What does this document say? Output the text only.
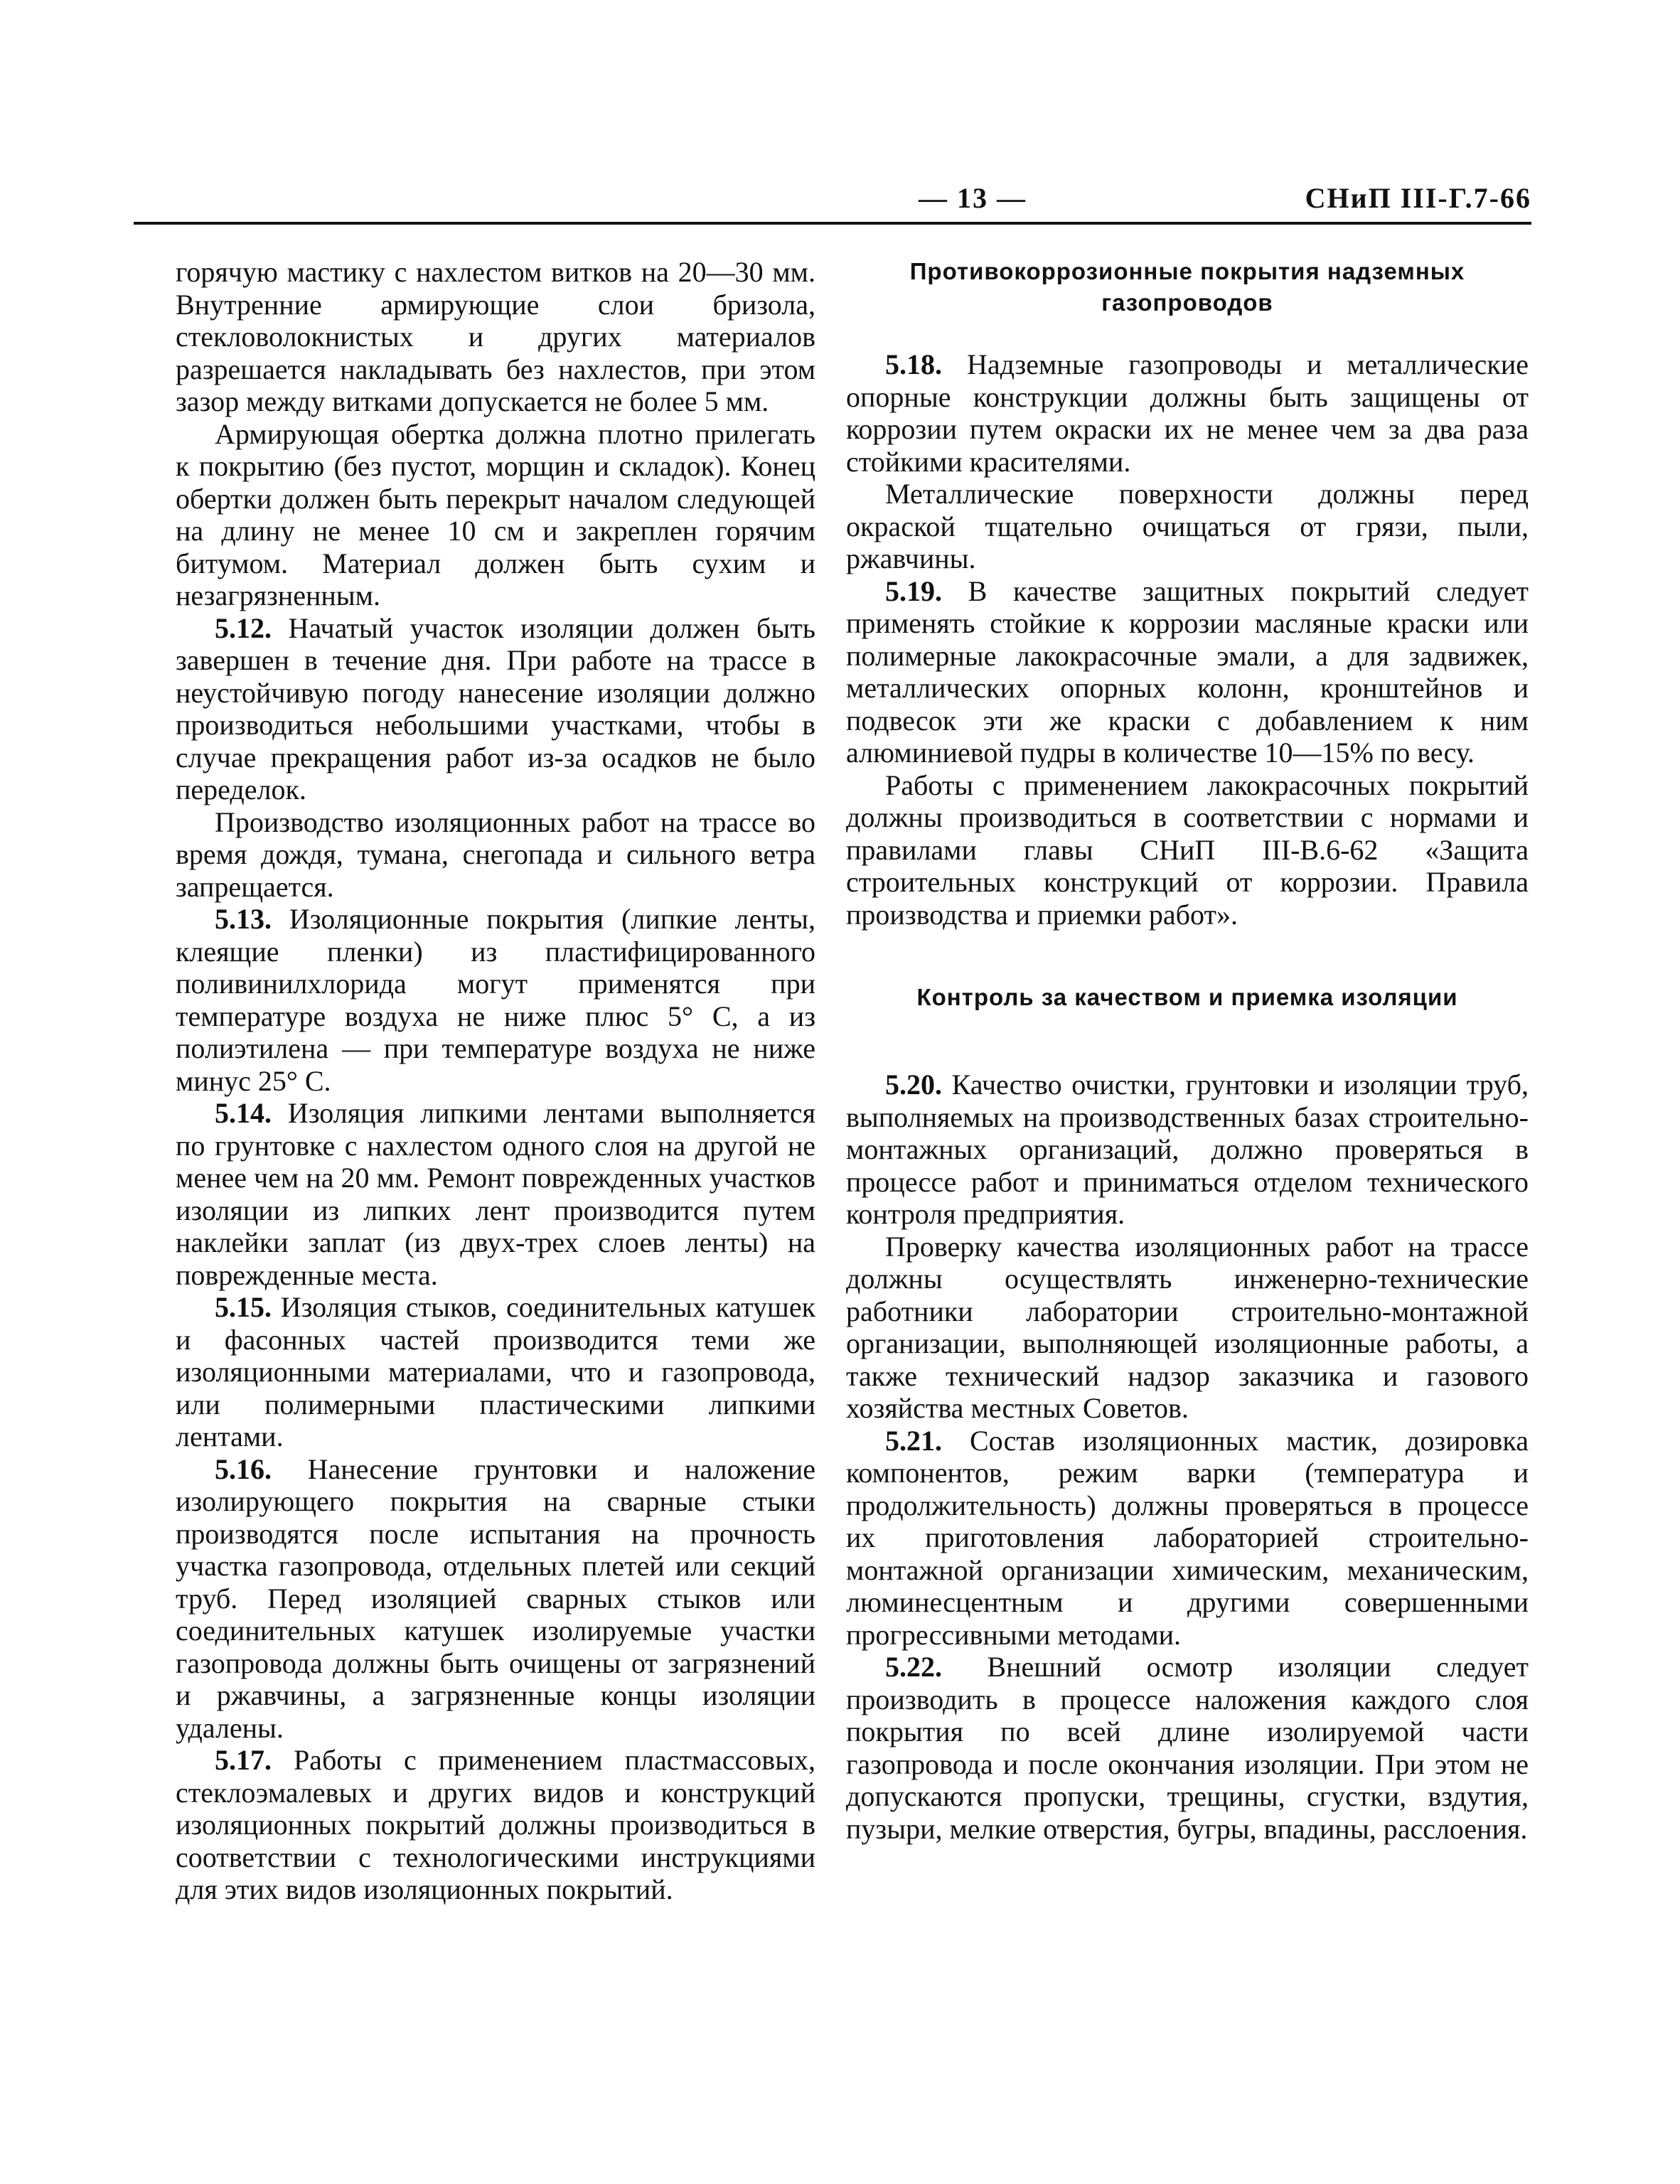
— 13 —	СНиП III-Г.7-66

горячую мастику с нахлестом витков на 20—30 мм. Внутренние армирующие слои бризола, стекловолокнистых и других материалов разрешается накладывать без нахлестов, при этом зазор между витками допускается не более 5 мм.

Армирующая обертка должна плотно прилегать к покрытию (без пустот, морщин и складок). Конец обертки должен быть перекрыт началом следующей на длину не менее 10 см и закреплен горячим битумом. Материал должен быть сухим и незагрязненным.

5.12. Начатый участок изоляции должен быть завершен в течение дня. При работе на трассе в неустойчивую погоду нанесение изоляции должно производиться небольшими участками, чтобы в случае прекращения работ из-за осадков не было переделок.

Производство изоляционных работ на трассе во время дождя, тумана, снегопада и сильного ветра запрещается.

5.13. Изоляционные покрытия (липкие ленты, клеящие пленки) из пластифицированного поливинилхлорида могут применятся при температуре воздуха не ниже плюс 5° С, а из полиэтилена — при температуре воздуха не ниже минус 25° С.

5.14. Изоляция липкими лентами выполняется по грунтовке с нахлестом одного слоя на другой не менее чем на 20 мм. Ремонт поврежденных участков изоляции из липких лент производится путем наклейки заплат (из двух-трех слоев ленты) на поврежденные места.

5.15. Изоляция стыков, соединительных катушек и фасонных частей производится теми же изоляционными материалами, что и газопровода, или полимерными пластическими липкими лентами.

5.16. Нанесение грунтовки и наложение изолирующего покрытия на сварные стыки производятся после испытания на прочность участка газопровода, отдельных плетей или секций труб. Перед изоляцией сварных стыков или соединительных катушек изолируемые участки газопровода должны быть очищены от загрязнений и ржавчины, а загрязненные концы изоляции удалены.

5.17. Работы с применением пластмассовых, стеклоэмалевых и других видов и конструкций изоляционных покрытий должны производиться в соответствии с технологическими инструкциями для этих видов изоляционных покрытий.

Противокоррозионные покрытия надземных газопроводов

5.18. Надземные газопроводы и металлические опорные конструкции должны быть защищены от коррозии путем окраски их не менее чем за два раза стойкими красителями.

Металлические поверхности должны перед окраской тщательно очищаться от грязи, пыли, ржавчины.

5.19. В качестве защитных покрытий следует применять стойкие к коррозии масляные краски или полимерные лакокрасочные эмали, а для задвижек, металлических опорных колонн, кронштейнов и подвесок эти же краски с добавлением к ним алюминиевой пудры в количестве 10—15% по весу.

Работы с применением лакокрасочных покрытий должны производиться в соответствии с нормами и правилами главы СНиП III-В.6-62 «Защита строительных конструкций от коррозии. Правила производства и приемки работ».

Контроль за качеством и приемка изоляции

5.20. Качество очистки, грунтовки и изоляции труб, выполняемых на производственных базах строительно-монтажных организаций, должно проверяться в процессе работ и приниматься отделом технического контроля предприятия.

Проверку качества изоляционных работ на трассе должны осуществлять инженерно-технические работники лаборатории строительно-монтажной организации, выполняющей изоляционные работы, а также технический надзор заказчика и газового хозяйства местных Советов.

5.21. Состав изоляционных мастик, дозировка компонентов, режим варки (температура и продолжительность) должны проверяться в процессе их приготовления лабораторией строительно-монтажной организации химическим, механическим, люминесцентным и другими совершенными прогрессивными методами.

5.22. Внешний осмотр изоляции следует производить в процессе наложения каждого слоя покрытия по всей длине изолируемой части газопровода и после окончания изоляции. При этом не допускаются пропуски, трещины, сгустки, вздутия, пузыри, мелкие отверстия, бугры, впадины, расслоения.
